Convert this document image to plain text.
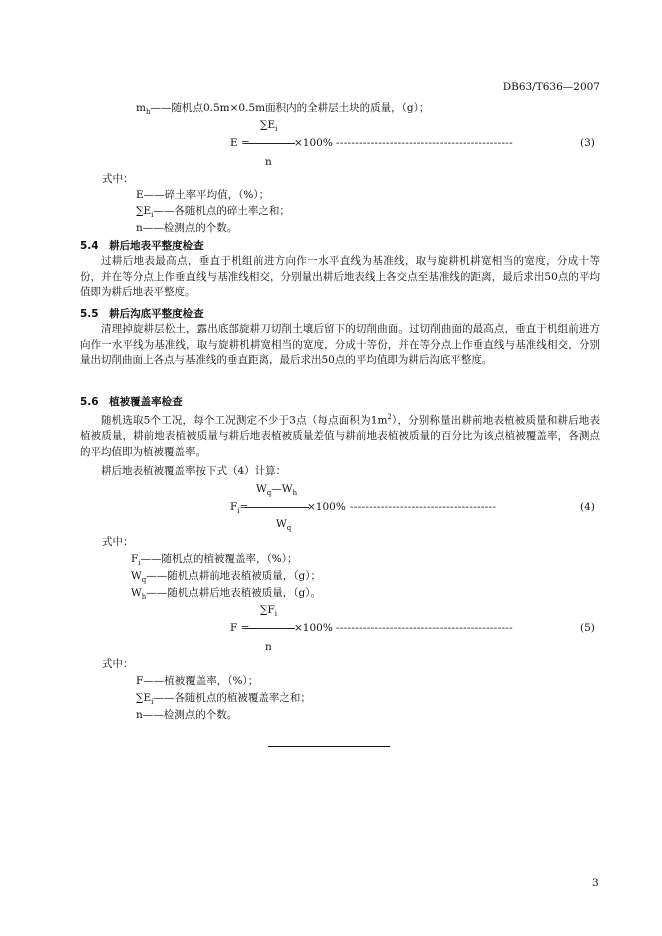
DB63/T636—2007
$m_h——$随机点0.5m×0.5m面积内的全耕层土块的质量，（g）；
$\sum E_i$
E =	×100% ----------------------------------------------	(3)
n
式中：
E——碎土率平均值，（%）；
$\sum E_i——$各随机点的碎土率之和；
n——检测点的个数。
5.4　耕后地表平整度检查
过耕后地表最高点，垂直于机组前进方向作一水平直线为基准线，取与旋耕机耕宽相当的宽度，分成十等份，并在等分点上作垂直线与基准线相交，分别量出耕后地表线上各交点至基准线的距离，最后求出50点的平均值即为耕后地表平整度。
5.5　耕后沟底平整度检查
清理掉旋耕层松土，露出底部旋耕刀切削土壤后留下的切削曲面。过切削曲面的最高点，垂直于机组前进方向作一水平线为基准线，取与旋耕机耕宽相当的宽度，分成十等份，并在等分点上作垂直线与基准线相交，分别量出切削曲面上各点与基准线的垂直距离，最后求出50点的平均值即为耕后沟底平整度。
5.6　植被覆盖率检查
随机选取5个工况，每个工况测定不少于3点（每点面积为$1m^2$），分别称量出耕前地表植被质量和耕后地表植被质量，耕前地表植被质量与耕后地表植被质量差值与耕前地表植被质量的百分比为该点植被覆盖率，各测点的平均值即为植被覆盖率。
耕后地表植被覆盖率按下式（4）计算：
$W_q—W_h$
$F_i=$	×100% --------------------------------------	(4)
$W_q$
式中：
$F_i——$随机点的植被覆盖率，（%）；
$W_q——$随机点耕前地表植被质量，（g）；
$W_h——$随机点耕后地表植被质量，（g）。
$\sum F_i$
F =	×100% ----------------------------------------------	(5)
n
式中：
F——植被覆盖率，（%）；
$\sum E_i——$各随机点的植被覆盖率之和；
n——检测点的个数。
3
